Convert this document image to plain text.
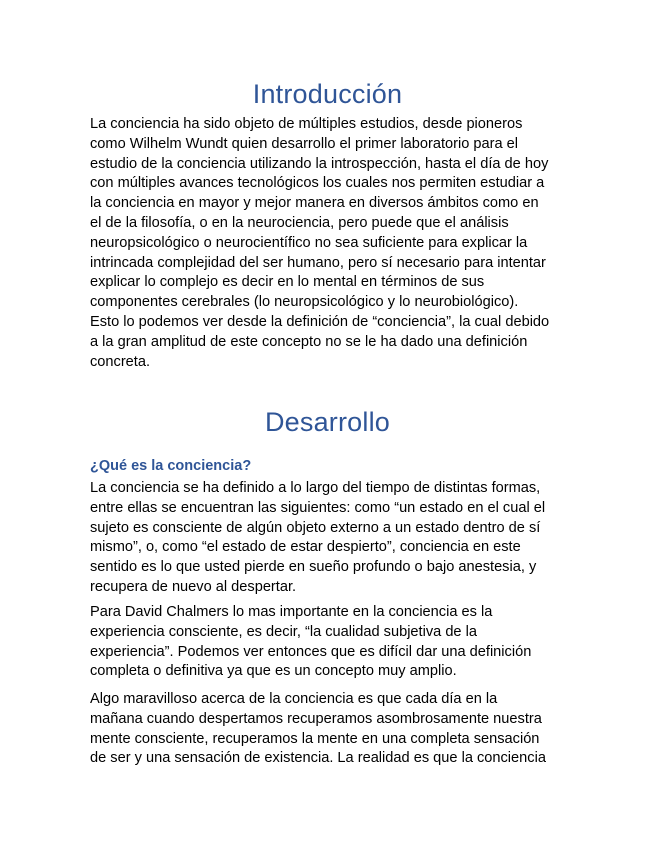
Introducción

La conciencia ha sido objeto de múltiples estudios, desde pioneros
como Wilhelm Wundt quien desarrollo el primer laboratorio para el
estudio de la conciencia utilizando la introspección, hasta el día de hoy
con múltiples avances tecnológicos los cuales nos permiten estudiar a
la conciencia en mayor y mejor manera en diversos ámbitos como en
el de la filosofía, o en la neurociencia, pero puede que el análisis
neuropsicológico o neurocientífico no sea suficiente para explicar la
intrincada complejidad del ser humano, pero sí necesario para intentar
explicar lo complejo es decir en lo mental en términos de sus
componentes cerebrales (lo neuropsicológico y lo neurobiológico).
Esto lo podemos ver desde la definición de “conciencia”, la cual debido
a la gran amplitud de este concepto no se le ha dado una definición
concreta.

Desarrollo
¿Qué es la conciencia?

La conciencia se ha definido a lo largo del tiempo de distintas formas,
entre ellas se encuentran las siguientes: como “un estado en el cual el
sujeto es consciente de algún objeto externo a un estado dentro de sí
mismo”, o, como “el estado de estar despierto”, conciencia en este
sentido es lo que usted pierde en sueño profundo o bajo anestesia, y
recupera de nuevo al despertar.

Para David Chalmers lo mas importante en la conciencia es la
experiencia consciente, es decir, “la cualidad subjetiva de la
experiencia”. Podemos ver entonces que es difícil dar una definición
completa o definitiva ya que es un concepto muy amplio.

Algo maravilloso acerca de la conciencia es que cada día en la
mañana cuando despertamos recuperamos asombrosamente nuestra
mente consciente, recuperamos la mente en una completa sensación
de ser y una sensación de existencia. La realidad es que la conciencia
